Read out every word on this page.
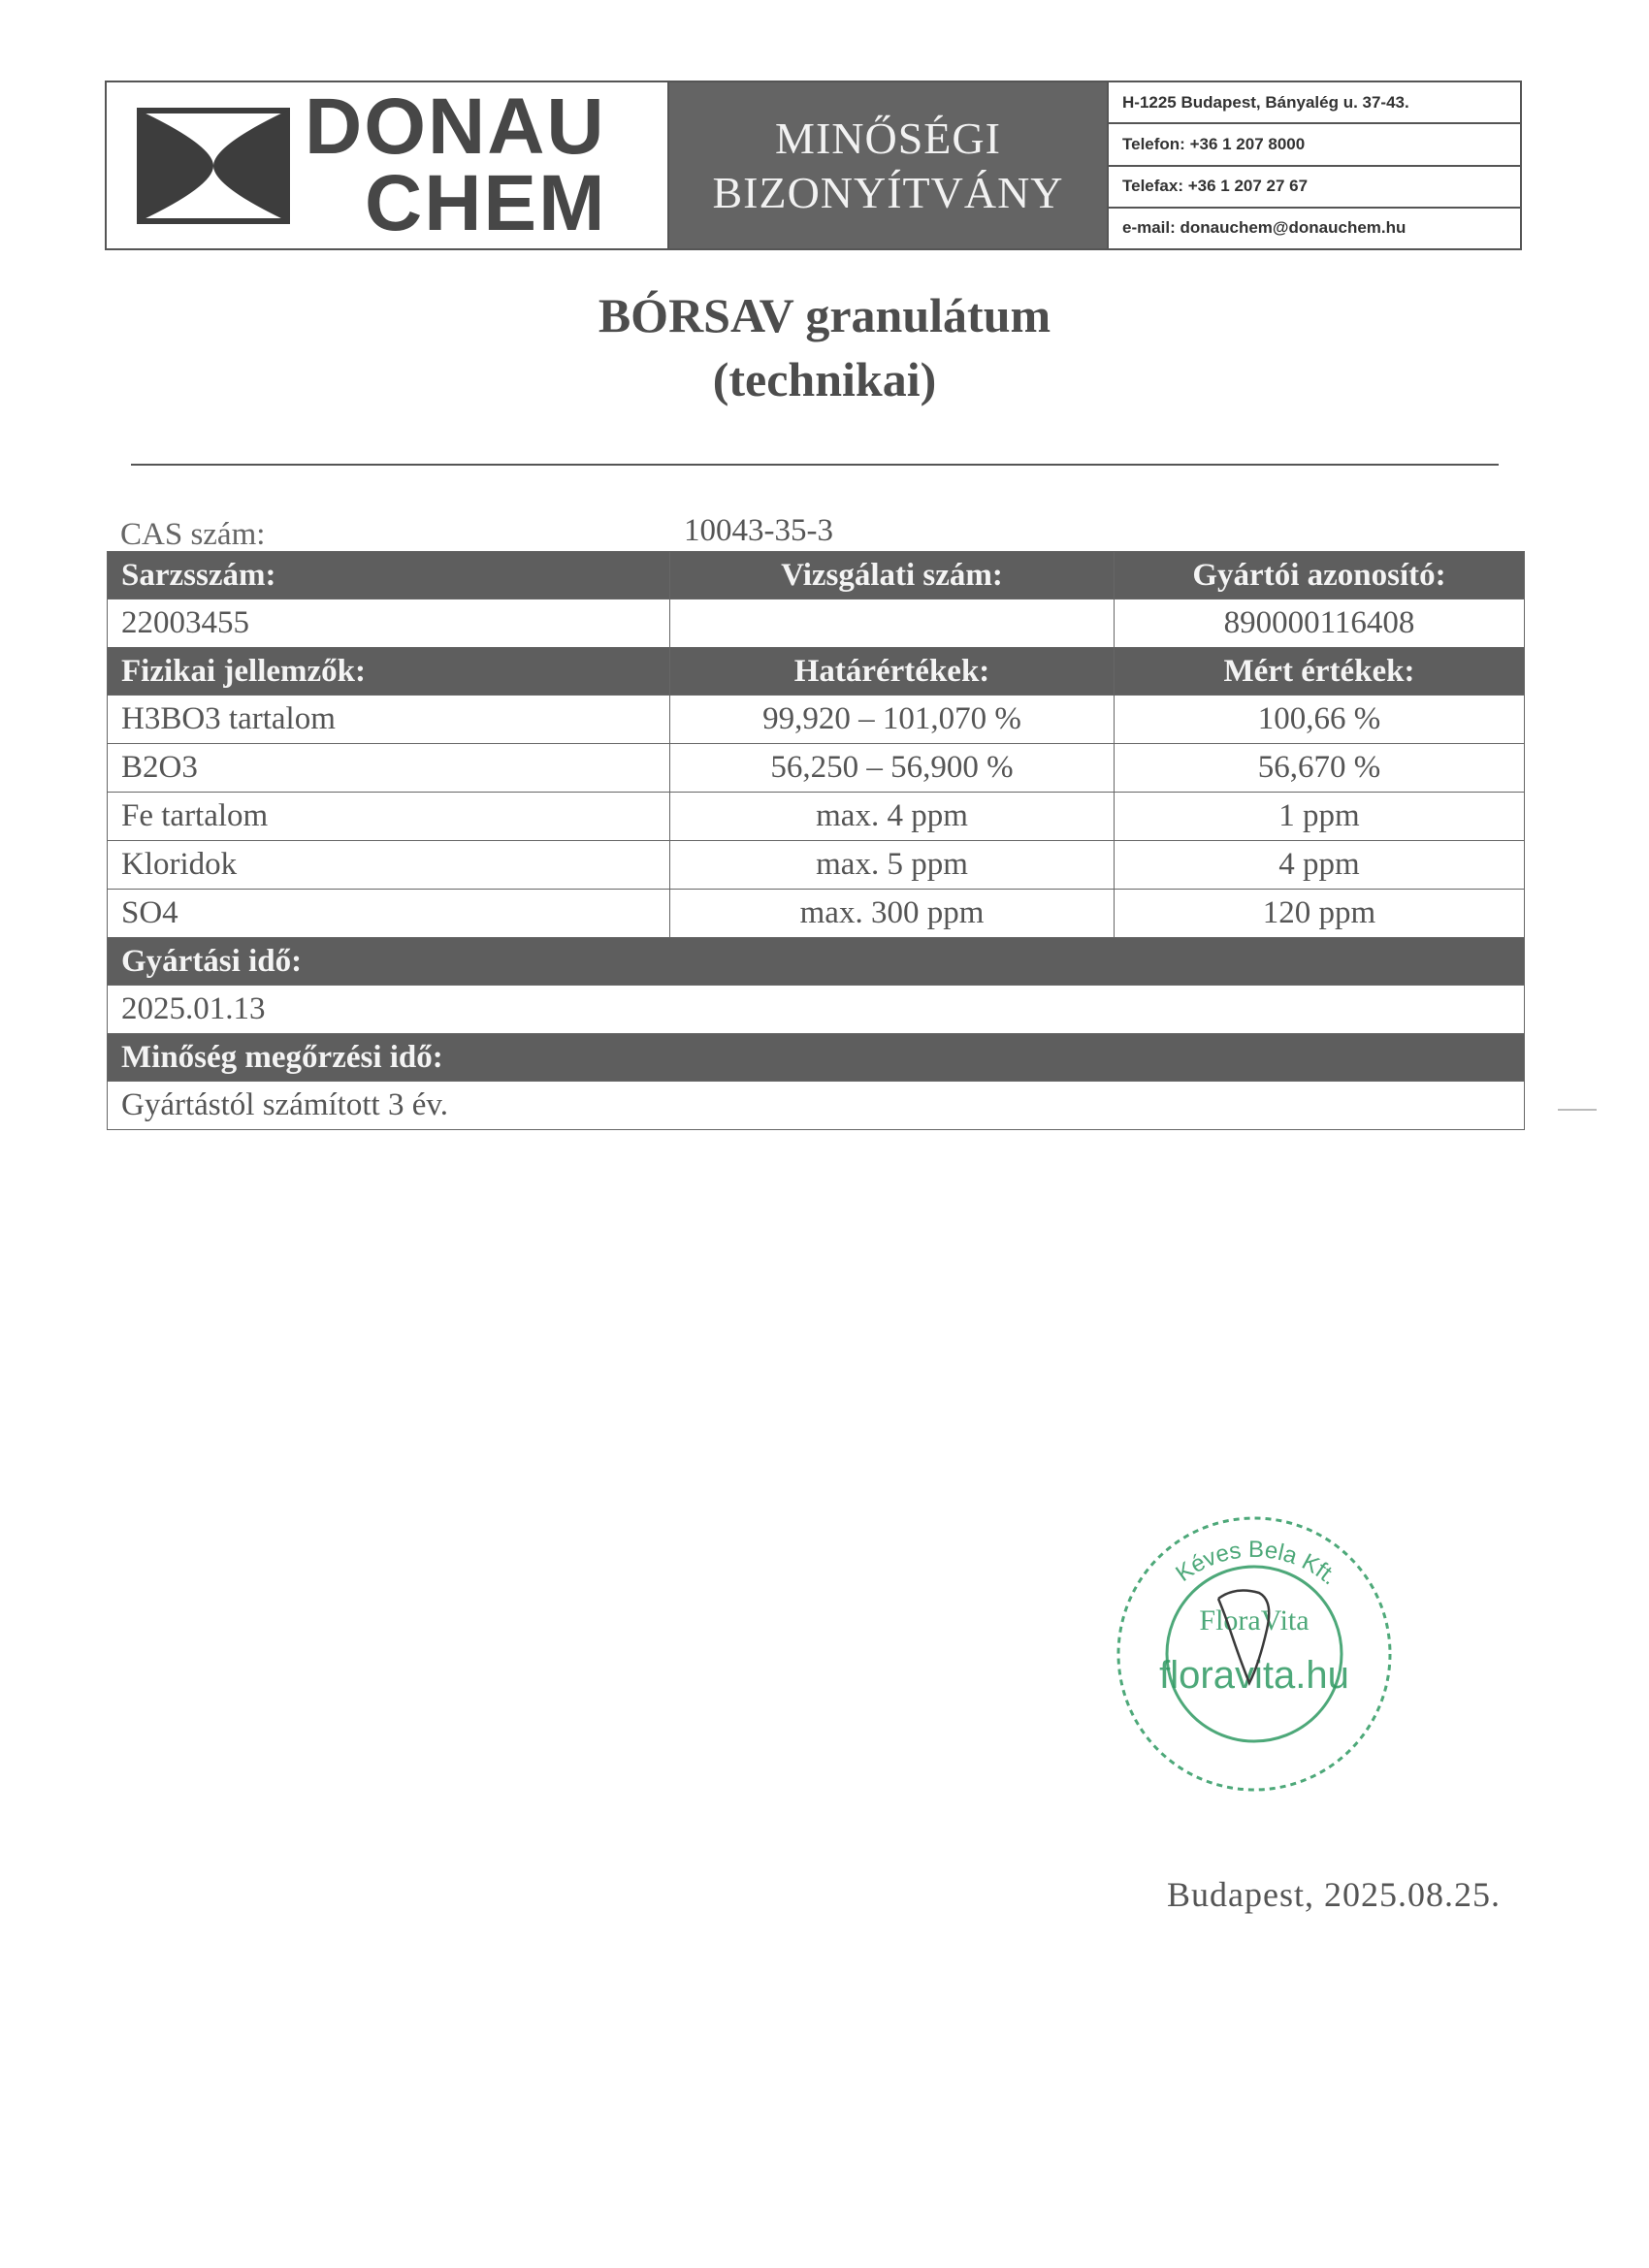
DONAU
CHEM
MINŐSÉGI
BIZONYÍTVÁNY
H-1225 Budapest, Bányalég u. 37-43.
Telefon: +36 1 207 8000
Telefax: +36 1 207 27 67
e-mail: donauchem@donauchem.hu
BÓRSAV granulátum
(technikai)
CAS szám:	10043-35-3
Sarzsszám:	Vizsgálati szám:	Gyártói azonosító:
22003455		890000116408
Fizikai jellemzők:	Határértékek:	Mért értékek:
H3BO3 tartalom	99,920 – 101,070 %	100,66 %
B2O3	56,250 – 56,900 %	56,670 %
Fe tartalom	max. 4 ppm	1 ppm
Kloridok	max. 5 ppm	4 ppm
SO4	max. 300 ppm	120 ppm
Gyártási idő:		
2025.01.13		
Minőség megőrzési idő:		
Gyártástól számított 3 év.		
Kéves Bela Kft.
FloraVita
floravita.hu
Budapest, 2025.08.25.
